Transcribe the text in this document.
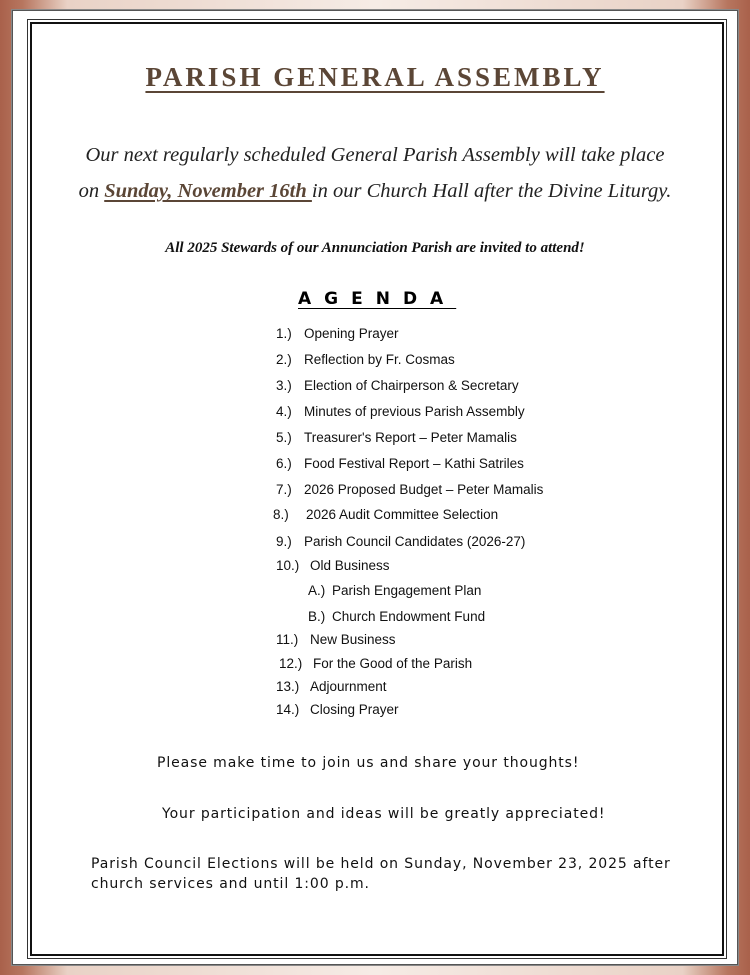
PARISH GENERAL ASSEMBLY
Our next regularly scheduled General Parish Assembly will take place
on Sunday, November 16th in our Church Hall after the Divine Liturgy.
All 2025 Stewards of our Annunciation Parish are invited to attend!
AGENDA
1.) Opening Prayer
2.) Reflection by Fr. Cosmas
3.) Election of Chairperson & Secretary
4.) Minutes of previous Parish Assembly
5.) Treasurer's Report – Peter Mamalis
6.) Food Festival Report – Kathi Satriles
7.) 2026 Proposed Budget – Peter Mamalis
8.) 2026 Audit Committee Selection
9.) Parish Council Candidates (2026-27)
10.) Old Business
A.) Parish Engagement Plan
B.) Church Endowment Fund
11.) New Business
12.) For the Good of the Parish
13.) Adjournment
14.) Closing Prayer
Please make time to join us and share your thoughts!
Your participation and ideas will be greatly appreciated!
Parish Council Elections will be held on Sunday, November 23, 2025 after
church services and until 1:00 p.m.
